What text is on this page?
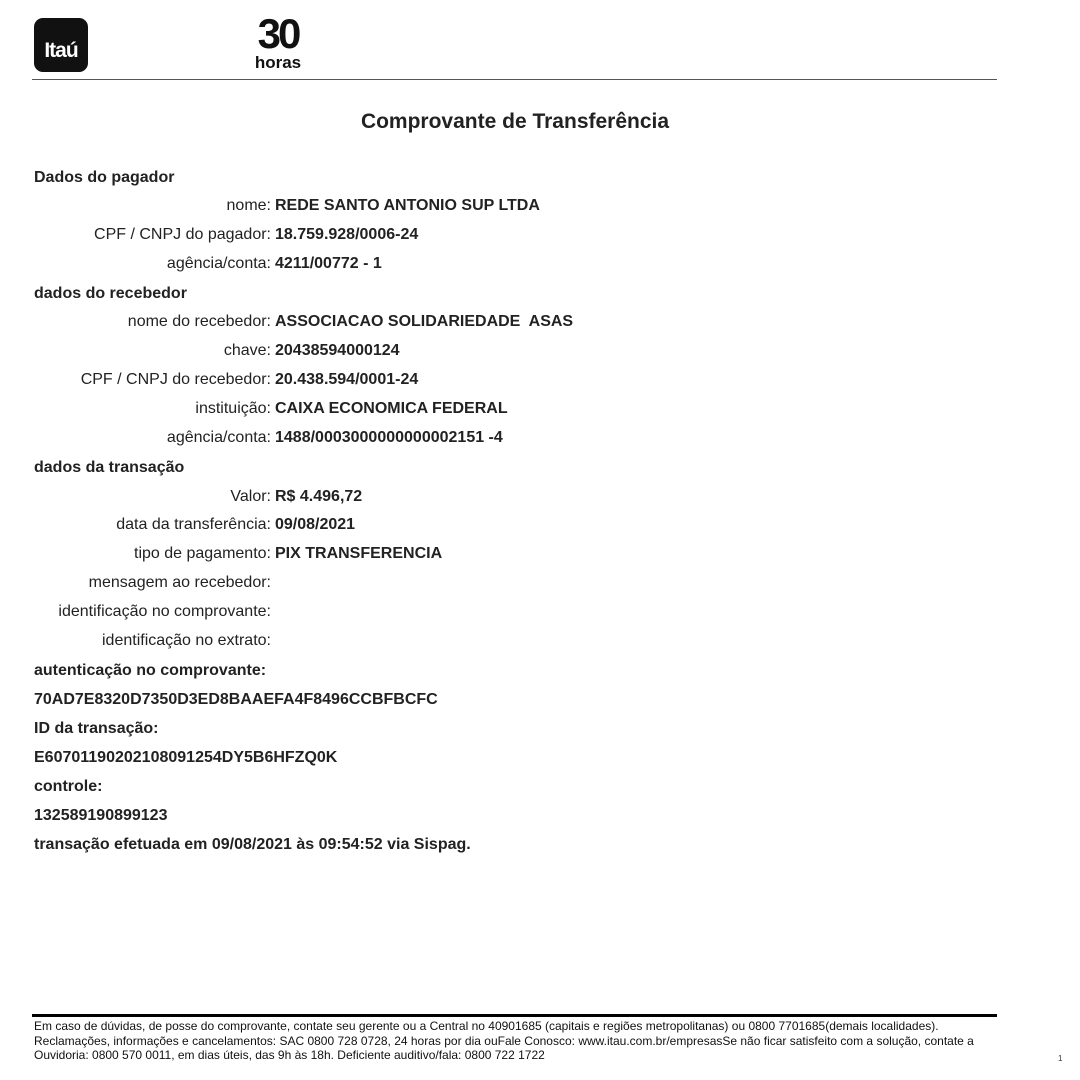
Itaú	30
horas
Comprovante de Transferência
Dados do pagador
nome: REDE SANTO ANTONIO SUP LTDA
CPF / CNPJ do pagador: 18.759.928/0006-24
agência/conta: 4211/00772 - 1
dados do recebedor
nome do recebedor: ASSOCIACAO SOLIDARIEDADE  ASAS
chave: 20438594000124
CPF / CNPJ do recebedor: 20.438.594/0001-24
instituição: CAIXA ECONOMICA FEDERAL
agência/conta: 1488/0003000000000002151 -4
dados da transação
Valor: R$ 4.496,72
data da transferência: 09/08/2021
tipo de pagamento: PIX TRANSFERENCIA
mensagem ao recebedor:
identificação no comprovante:
identificação no extrato:
autenticação no comprovante:
70AD7E8320D7350D3ED8BAAEFA4F8496CCBFBCFC
ID da transação:
E60701190202108091254DY5B6HFZQ0K
controle:
132589190899123
transação efetuada em 09/08/2021 às 09:54:52 via Sispag.
Em caso de dúvidas, de posse do comprovante, contate seu gerente ou a Central no 40901685 (capitais e regiões metropolitanas) ou 0800 7701685(demais localidades). Reclamações, informações e cancelamentos: SAC 0800 728 0728, 24 horas por dia ouFale Conosco: www.itau.com.br/empresasSe não ficar satisfeito com a solução, contate a Ouvidoria: 0800 570 0011, em dias úteis, das 9h às 18h. Deficiente auditivo/fala: 0800 722 1722	1
